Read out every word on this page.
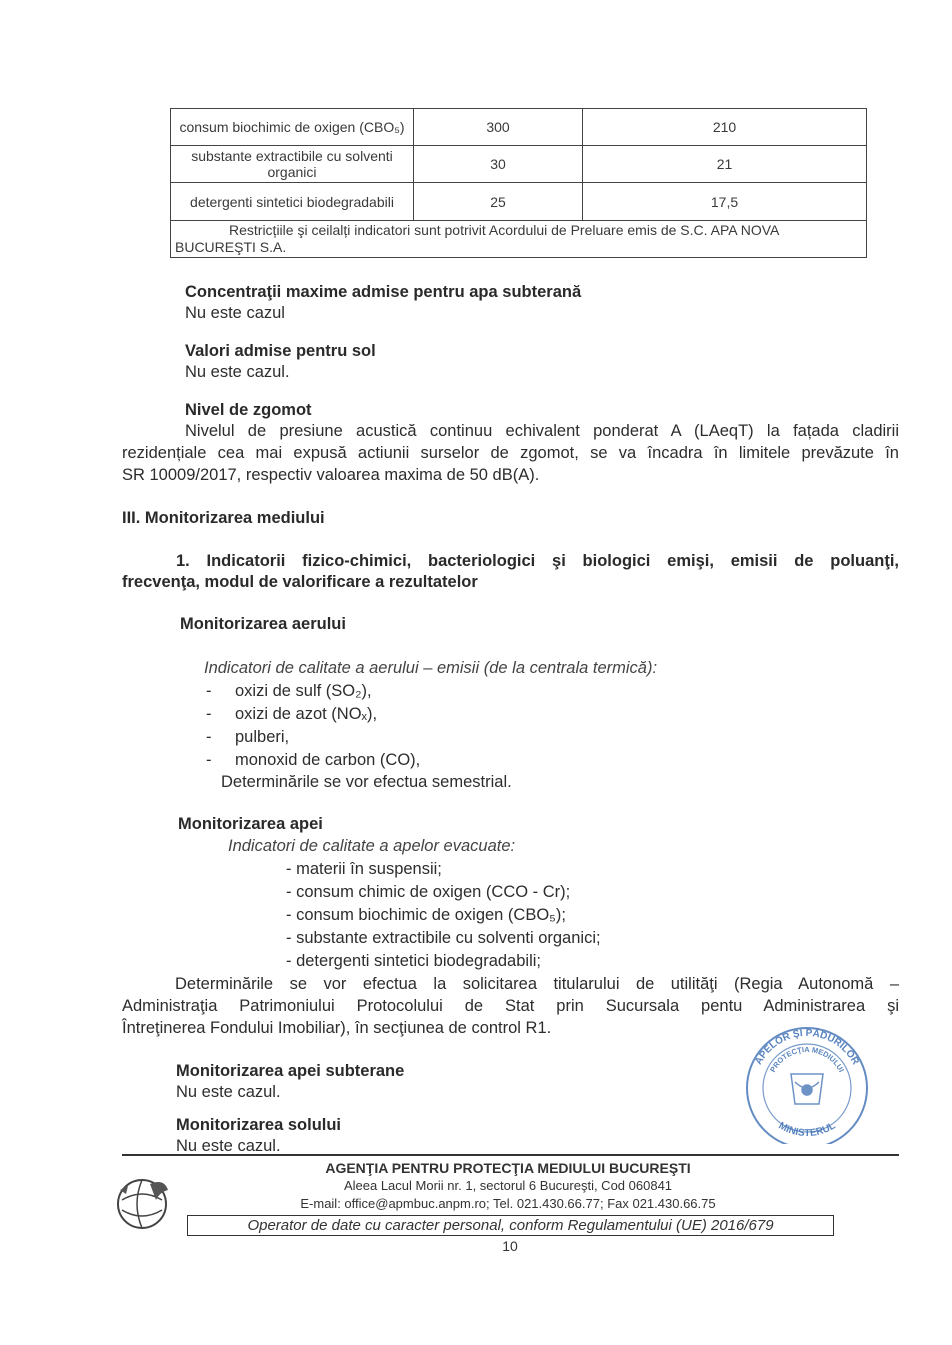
consum biochimic de oxigen (CBO₅)	300	210
substante extractibile cu solventi organici	30	21
detergenti sintetici biodegradabili	25	17,5

Restricțiile şi ceilalți indicatori sunt potrivit Acordului de Preluare emis de S.C. APA NOVA
BUCUREŞTI S.A.		
Concentraţii maxime admise pentru apa subterană
Nu este cazul
Valori admise pentru sol
Nu este cazul.
Nivel de zgomot
Nivelul de presiune acustică continuu echivalent ponderat A (LAeqT) la fațada cladirii
rezidențiale cea mai expusă actiunii surselor de zgomot, se va încadra în limitele prevăzute în
SR 10009/2017, respectiv valoarea maxima de 50 dB(A).
III. Monitorizarea mediului
1. Indicatorii fizico-chimici, bacteriologici şi biologici emişi, emisii de poluanţi,
frecvenţa, modul de valorificare a rezultatelor
Monitorizarea aerului
Indicatori de calitate a aerului – emisii (de la centrala termică):
- oxizi de sulf (SO₂),
- oxizi de azot (NOₓ),
- pulberi,
- monoxid de carbon (CO),
Determinările se vor efectua semestrial.
Monitorizarea apei
Indicatori de calitate a apelor evacuate:
- materii în suspensii;
- consum chimic de oxigen (CCO - Cr);
- consum biochimic de oxigen (CBO₅);
- substante extractibile cu solventi organici;
- detergenti sintetici biodegradabili;
Determinările se vor efectua la solicitarea titularului de utilităţi (Regia Autonomă –
Administraţia Patrimoniului Protocolului de Stat prin Sucursala pentu Administrarea şi
Întreţinerea Fondului Imobiliar), în secţiunea de control R1.
Monitorizarea apei subterane
Nu este cazul.
Monitorizarea solului
Nu este cazul.
APELOR ŞI PĂDURILOR
PROTECŢIA MEDIULUI
MINISTERUL
AGENŢIA PENTRU PROTECŢIA MEDIULUI BUCUREŞTI
Aleea Lacul Morii nr. 1, sectorul 6 Bucureşti, Cod 060841
E-mail: office@apmbuc.anpm.ro; Tel. 021.430.66.77; Fax 021.430.66.75
Operator de date cu caracter personal, conform Regulamentului (UE) 2016/679
10
